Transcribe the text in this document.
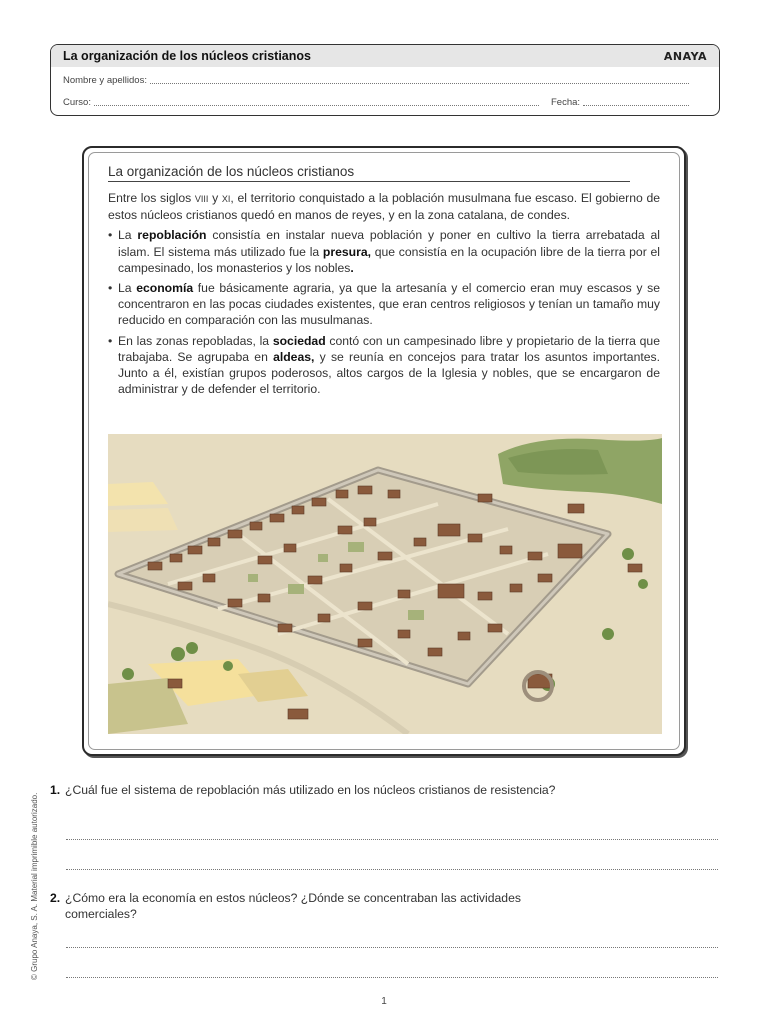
La organización de los núcleos cristianos	ANAYA
Nombre y apellidos:
Curso:	Fecha:
La organización de los núcleos cristianos

Entre los siglos VIII y XI, el territorio conquistado a la población musulmana fue escaso. El gobierno de estos núcleos cristianos quedó en manos de reyes, y en la zona catalana, de condes.

• La repoblación consistía en instalar nueva población y poner en cultivo la tierra arrebatada al islam. El sistema más utilizado fue la presura, que consistía en la ocupación libre de la tierra por el campesinado, los monasterios y los nobles.
• La economía fue básicamente agraria, ya que la artesanía y el comercio eran muy escasos y se concentraron en las pocas ciudades existentes, que eran centros religiosos y tenían un tamaño muy reducido en comparación con las musulmanas.
• En las zonas repobladas, la sociedad contó con un campesinado libre y propietario de la tierra que trabajaba. Se agrupaba en aldeas, y se reunía en concejos para tratar los asuntos importantes. Junto a él, existían grupos poderosos, altos cargos de la Iglesia y nobles, que se encargaron de administrar y de defender el territorio.
1. ¿Cuál fue el sistema de repoblación más utilizado en los núcleos cristianos de resistencia?
2. ¿Cómo era la economía en estos núcleos? ¿Dónde se concentraban las actividades comerciales?
© Grupo Anaya, S. A. Material imprimible autorizado.
1
